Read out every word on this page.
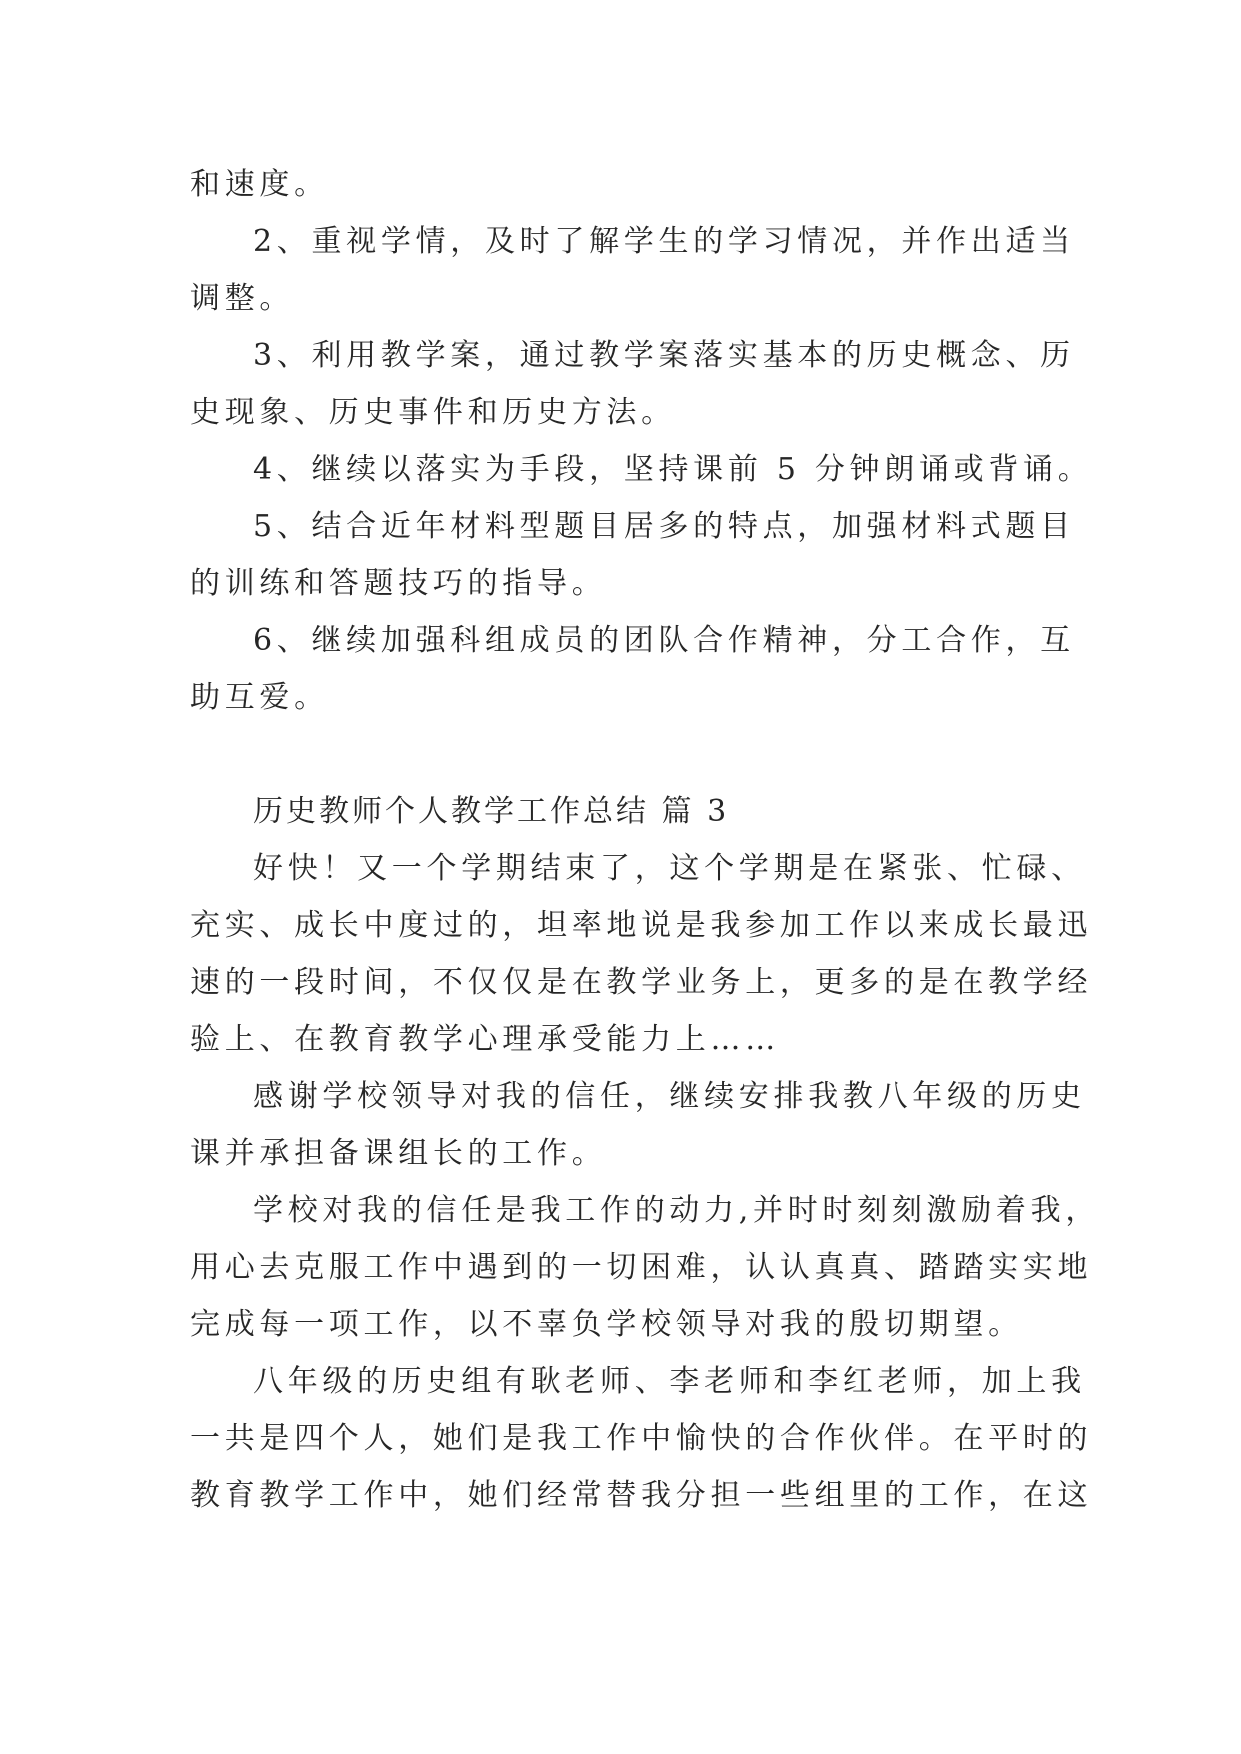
和速度。

2、重视学情，及时了解学生的学习情况，并作出适当

调整。

3、利用教学案，通过教学案落实基本的历史概念、历

史现象、历史事件和历史方法。

4、继续以落实为手段，坚持课前 5 分钟朗诵或背诵。

5、结合近年材料型题目居多的特点，加强材料式题目

的训练和答题技巧的指导。

6、继续加强科组成员的团队合作精神，分工合作，互

助互爱。

历史教师个人教学工作总结 篇 3

好快！又一个学期结束了，这个学期是在紧张、忙碌、

充实、成长中度过的，坦率地说是我参加工作以来成长最迅

速的一段时间，不仅仅是在教学业务上，更多的是在教学经

验上、在教育教学心理承受能力上……

感谢学校领导对我的信任，继续安排我教八年级的历史

课并承担备课组长的工作。

学校对我的信任是我工作的动力,并时时刻刻激励着我，

用心去克服工作中遇到的一切困难，认认真真、踏踏实实地

完成每一项工作，以不辜负学校领导对我的殷切期望。

八年级的历史组有耿老师、李老师和李红老师，加上我

一共是四个人，她们是我工作中愉快的合作伙伴。在平时的

教育教学工作中，她们经常替我分担一些组里的工作，在这
